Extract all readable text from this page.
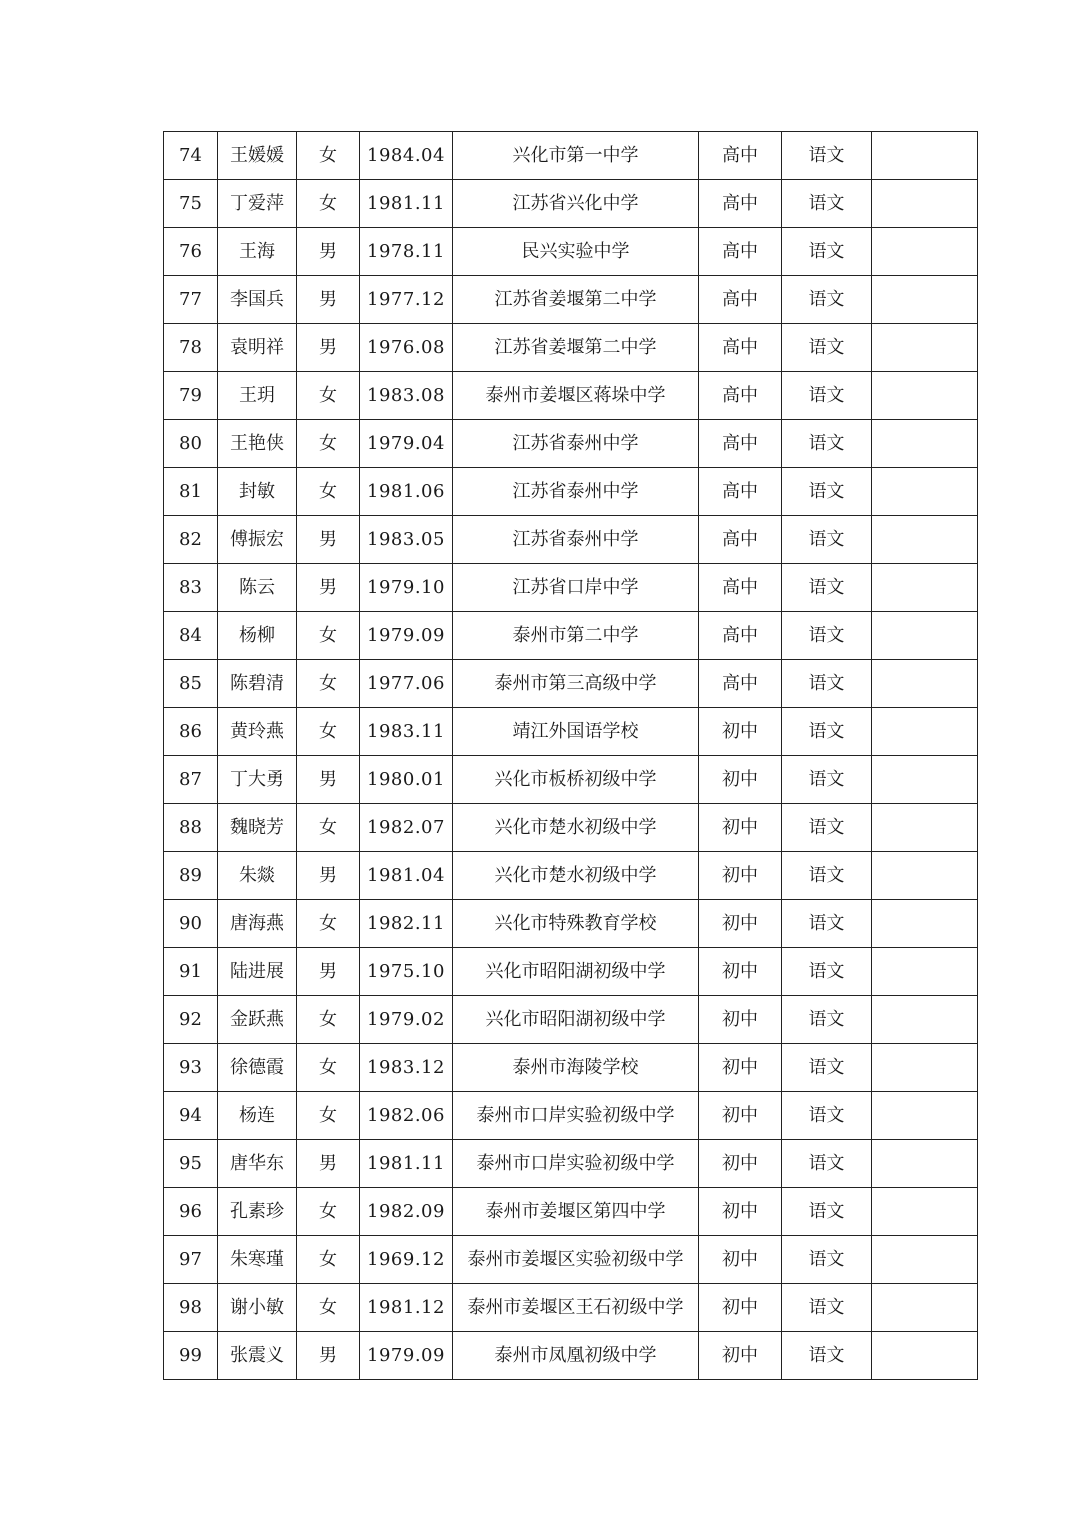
74	王媛媛	女	1984.04	兴化市第一中学	高中	语文	
75	丁爱萍	女	1981.11	江苏省兴化中学	高中	语文	
76	王海	男	1978.11	民兴实验中学	高中	语文	
77	李国兵	男	1977.12	江苏省姜堰第二中学	高中	语文	
78	袁明祥	男	1976.08	江苏省姜堰第二中学	高中	语文	
79	王玥	女	1983.08	泰州市姜堰区蒋垛中学	高中	语文	
80	王艳侠	女	1979.04	江苏省泰州中学	高中	语文	
81	封敏	女	1981.06	江苏省泰州中学	高中	语文	
82	傅振宏	男	1983.05	江苏省泰州中学	高中	语文	
83	陈云	男	1979.10	江苏省口岸中学	高中	语文	
84	杨柳	女	1979.09	泰州市第二中学	高中	语文	
85	陈碧清	女	1977.06	泰州市第三高级中学	高中	语文	
86	黄玲燕	女	1983.11	靖江外国语学校	初中	语文	
87	丁大勇	男	1980.01	兴化市板桥初级中学	初中	语文	
88	魏晓芳	女	1982.07	兴化市楚水初级中学	初中	语文	
89	朱燚	男	1981.04	兴化市楚水初级中学	初中	语文	
90	唐海燕	女	1982.11	兴化市特殊教育学校	初中	语文	
91	陆进展	男	1975.10	兴化市昭阳湖初级中学	初中	语文	
92	金跃燕	女	1979.02	兴化市昭阳湖初级中学	初中	语文	
93	徐德霞	女	1983.12	泰州市海陵学校	初中	语文	
94	杨连	女	1982.06	泰州市口岸实验初级中学	初中	语文	
95	唐华东	男	1981.11	泰州市口岸实验初级中学	初中	语文	
96	孔素珍	女	1982.09	泰州市姜堰区第四中学	初中	语文	
97	朱寒瑾	女	1969.12	泰州市姜堰区实验初级中学	初中	语文	
98	谢小敏	女	1981.12	泰州市姜堰区王石初级中学	初中	语文	
99	张震义	男	1979.09	泰州市凤凰初级中学	初中	语文	
